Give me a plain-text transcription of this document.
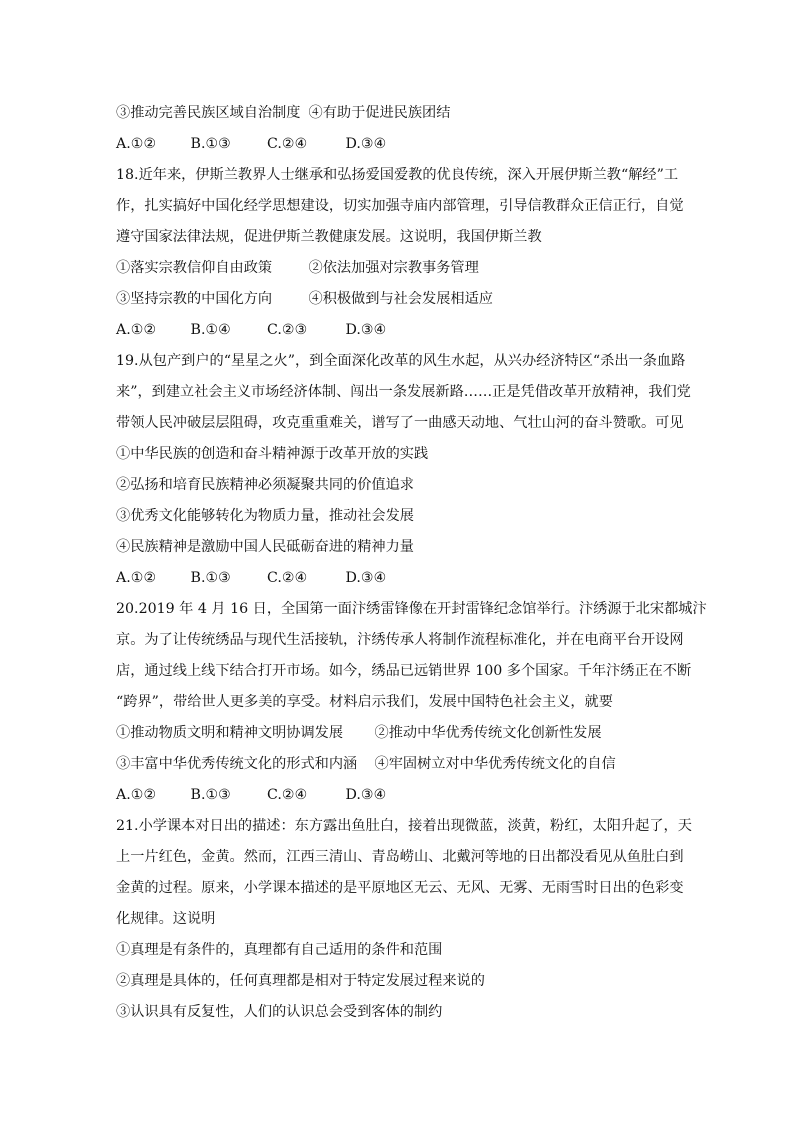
③推动完善民族区域自治制度 ④有助于促进民族团结
A.①② B.①③	C.②④	D.③④
18.近年来，伊斯兰教界人士继承和弘扬爱国爱教的优良传统，深入开展伊斯兰教“解经”工
作，扎实搞好中国化经学思想建设，切实加强寺庙内部管理，引导信教群众正信正行，自觉
遵守国家法律法规，促进伊斯兰教健康发展。这说明，我国伊斯兰教
①落实宗教信仰自由政策	②依法加强对宗教事务管理
③坚持宗教的中国化方向	④积极做到与社会发展相适应
A.①② B.①④	C.②③	D.③④
19.从包产到户的“星星之火”，到全面深化改革的风生水起，从兴办经济特区“杀出一条血路
来”，到建立社会主义市场经济体制、闯出一条发展新路……正是凭借改革开放精神，我们党
带领人民冲破层层阻碍，攻克重重难关，谱写了一曲感天动地、气壮山河的奋斗赞歌。可见
①中华民族的创造和奋斗精神源于改革开放的实践
②弘扬和培育民族精神必须凝聚共同的价值追求
③优秀文化能够转化为物质力量，推动社会发展
④民族精神是激励中国人民砥砺奋进的精神力量
A.①② B.①③	C.②④	D.③④
20.2019 年 4 月 16 日，全国第一面汴绣雷锋像在开封雷锋纪念馆举行。汴绣源于北宋都城汴
京。为了让传统绣品与现代生活接轨，汴绣传承人将制作流程标准化，并在电商平台开设网
店，通过线上线下结合打开市场。如今，绣品已远销世界 100 多个国家。千年汴绣正在不断
“跨界”，带给世人更多美的享受。材料启示我们，发展中国特色社会主义，就要
①推动物质文明和精神文明协调发展 ②推动中华优秀传统文化创新性发展
③丰富中华优秀传统文化的形式和内涵 ④牢固树立对中华优秀传统文化的自信
A.①② B.①③	C.②④	D.③④
21.小学课本对日出的描述：东方露出鱼肚白，接着出现微蓝，淡黄，粉红，太阳升起了，天
上一片红色，金黄。然而，江西三清山、青岛崂山、北戴河等地的日出都没看见从鱼肚白到
金黄的过程。原来，小学课本描述的是平原地区无云、无风、无雾、无雨雪时日出的色彩变
化规律。这说明
①真理是有条件的，真理都有自己适用的条件和范围
②真理是具体的，任何真理都是相对于特定发展过程来说的
③认识具有反复性，人们的认识总会受到客体的制约
